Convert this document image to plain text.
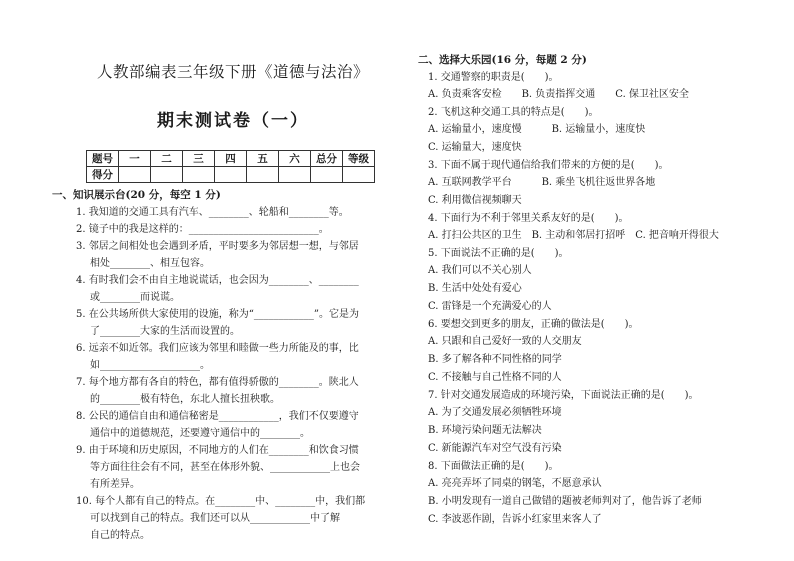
人教部编表三年级下册《道德与法治》
期末测试卷（一）
题号	一	二	三	四	五	六	总分	等级
得分								
一、知识展示台(20 分，每空 1 分)
1. 我知道的交通工具有汽车、________、轮船和________等。
2. 镜子中的我是这样的：__________________________。
3. 邻居之间相处也会遇到矛盾，平时要多为邻居想一想，与邻居
相处________、相互包容。
4. 有时我们会不由自主地说谎话，也会因为________、________
或________而说谎。
5. 在公共场所供大家使用的设施，称为“____________”。它是为
了________大家的生活而设置的。
6. 远亲不如近邻。我们应该为邻里和睦做一些力所能及的事，比
如____________________。
7. 每个地方都有各自的特色，都有值得骄傲的________。陕北人
的________极有特色，东北人擅长扭秧歌。
8. 公民的通信自由和通信秘密是____________，我们不仅要遵守
通信中的道德规范，还要遵守通信中的________。
9. 由于环境和历史原因，不同地方的人们在________和饮食习惯
等方面往往会有不同，甚至在体形外貌、____________上也会
有所差异。
10. 每个人都有自己的特点。在________中、________中，我们都
可以找到自己的特点。我们还可以从____________中了解
自己的特点。
二、选择大乐园(16 分，每题 2 分)
1. 交通警察的职责是(　　)。
A. 负责乘客安检　　B. 负责指挥交通　　C. 保卫社区安全
2. 飞机这种交通工具的特点是(　　)。
A. 运输量小，速度慢　　　B. 运输量小，速度快
C. 运输量大，速度快
3. 下面不属于现代通信给我们带来的方便的是(　　)。
A. 互联网教学平台　　　B. 乘坐飞机往返世界各地
C. 利用微信视频聊天
4. 下面行为不利于邻里关系友好的是(　　)。
A. 打扫公共区的卫生　B. 主动和邻居打招呼　C. 把音响开得很大
5. 下面说法不正确的是(　　)。
A. 我们可以不关心别人
B. 生活中处处有爱心
C. 雷锋是一个充满爱心的人
6. 要想交到更多的朋友，正确的做法是(　　)。
A. 只跟和自己爱好一致的人交朋友
B. 多了解各种不同性格的同学
C. 不接触与自己性格不同的人
7. 针对交通发展造成的环境污染，下面说法正确的是(　　)。
A. 为了交通发展必须牺牲环境
B. 环境污染问题无法解决
C. 新能源汽车对空气没有污染
8. 下面做法正确的是(　　)。
A. 亮亮弄坏了同桌的钢笔，不愿意承认
B. 小明发现有一道自己做错的题被老师判对了，他告诉了老师
C. 李波恶作剧，告诉小红家里来客人了
